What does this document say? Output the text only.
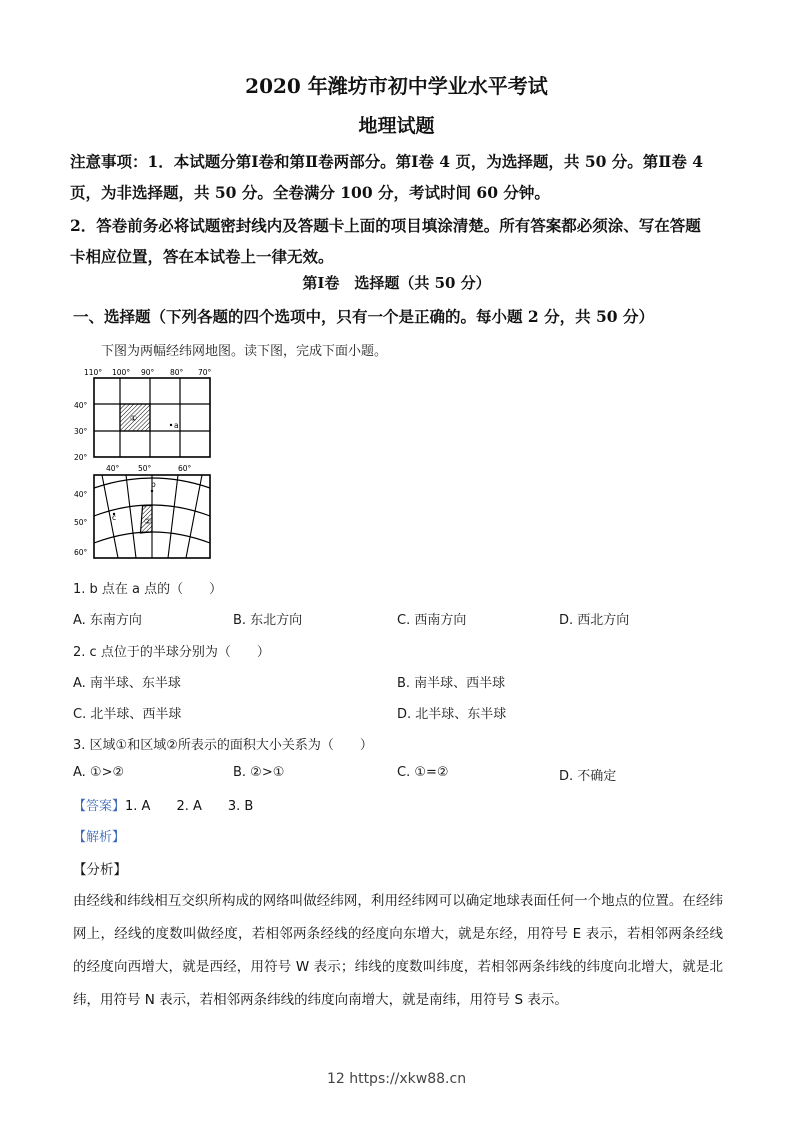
2020 年潍坊市初中学业水平考试
地理试题
注意事项：1．本试题分第Ⅰ卷和第Ⅱ卷两部分。第Ⅰ卷 4 页，为选择题，共 50 分。第Ⅱ卷 4
页，为非选择题，共 50 分。全卷满分 100 分，考试时间 60 分钟。
2．答卷前务必将试题密封线内及答题卡上面的项目填涂清楚。所有答案都必须涂、写在答题
卡相应位置，答在本试卷上一律无效。
第Ⅰ卷　选择题（共 50 分）
一、选择题（下列各题的四个选项中，只有一个是正确的。每小题 2 分，共 50 分）
下图为两幅经纬网地图。读下图，完成下面小题。
110° 100° 90° 80° 70°
①
a
40°
30°
20°
40° 50°	60°
②
b
c
40°
50°
60°
1. b 点在 a 点的（　　）
A. 东南方向	B. 东北方向	C. 西南方向	D. 西北方向
2. c 点位于的半球分别为（　　）
A. 南半球、东半球	B. 南半球、西半球
C. 北半球、西半球	D. 北半球、东半球
3. 区域①和区域②所表示的面积大小关系为（　　）
A. ①>②	B. ②>①	C. ①=②	D. 不确定
【答案】1. A　　2. A　　3. B
【解析】
【分析】
由经线和纬线相互交织所构成的网络叫做经纬网，利用经纬网可以确定地球表面任何一个地点的位置。在经纬网上，经线的度数叫做经度，若相邻两条经线的经度向东增大，就是东经，用符号 E 表示，若相邻两条经线的经度向西增大，就是西经，用符号 W 表示；纬线的度数叫纬度，若相邻两条纬线的纬度向北增大，就是北纬，用符号 N 表示，若相邻两条纬线的纬度向南增大，就是南纬，用符号 S 表示。
12 https://xkw88.cn
